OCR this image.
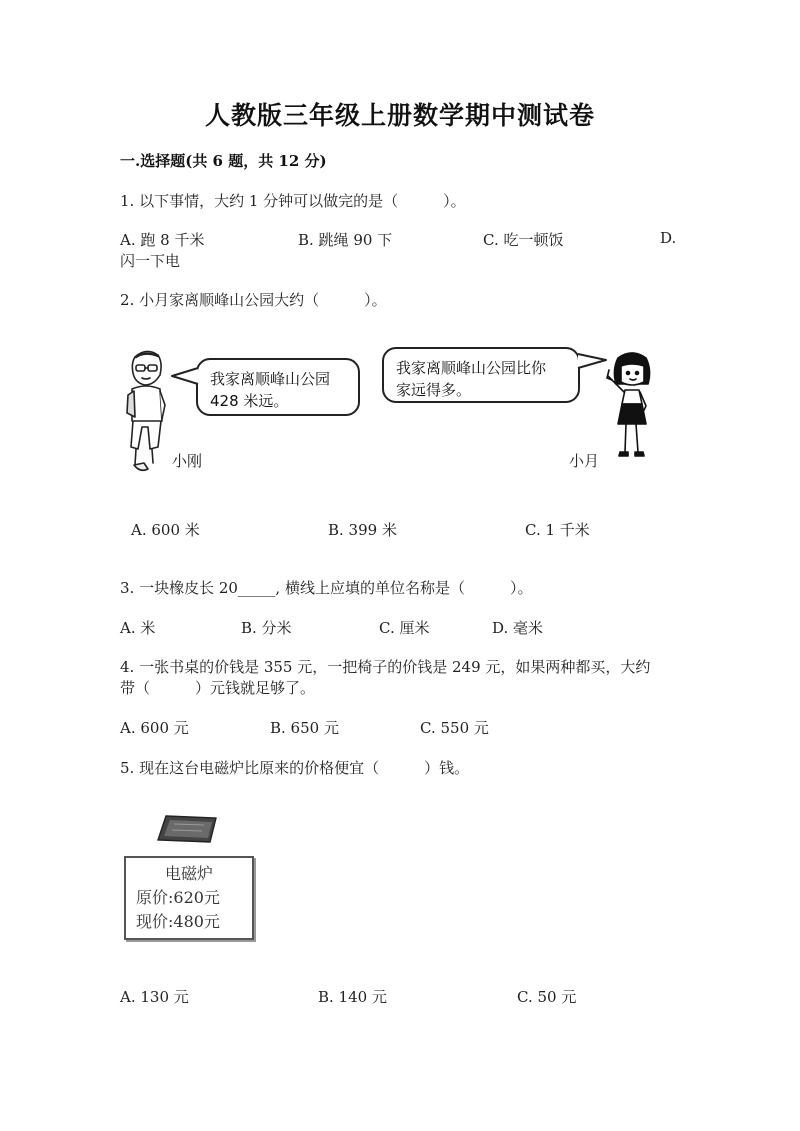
人教版三年级上册数学期中测试卷
一.选择题(共 6 题，共 12 分)
1. 以下事情，大约 1 分钟可以做完的是（　　　）。
A. 跑 8 千米	B. 跳绳 90 下	C. 吃一顿饭	D.
闪一下电
2. 小月家离顺峰山公园大约（　　　）。
我家离顺峰山公园
428 米远。
我家离顺峰山公园比你
家远得多。
小刚	小月
A. 600 米	B. 399 米	C. 1 千米
3. 一块橡皮长 20_____, 横线上应填的单位名称是（　　　）。
A. 米	B. 分米	C. 厘米	D. 毫米
4. 一张书桌的价钱是 355 元，一把椅子的价钱是 249 元，如果两种都买，大约
带（　　　）元钱就足够了。
A. 600 元	B. 650 元	C. 550 元
5. 现在这台电磁炉比原来的价格便宜（　　　）钱。
电磁炉
原价:620元
现价:480元
A. 130 元	B. 140 元	C. 50 元
